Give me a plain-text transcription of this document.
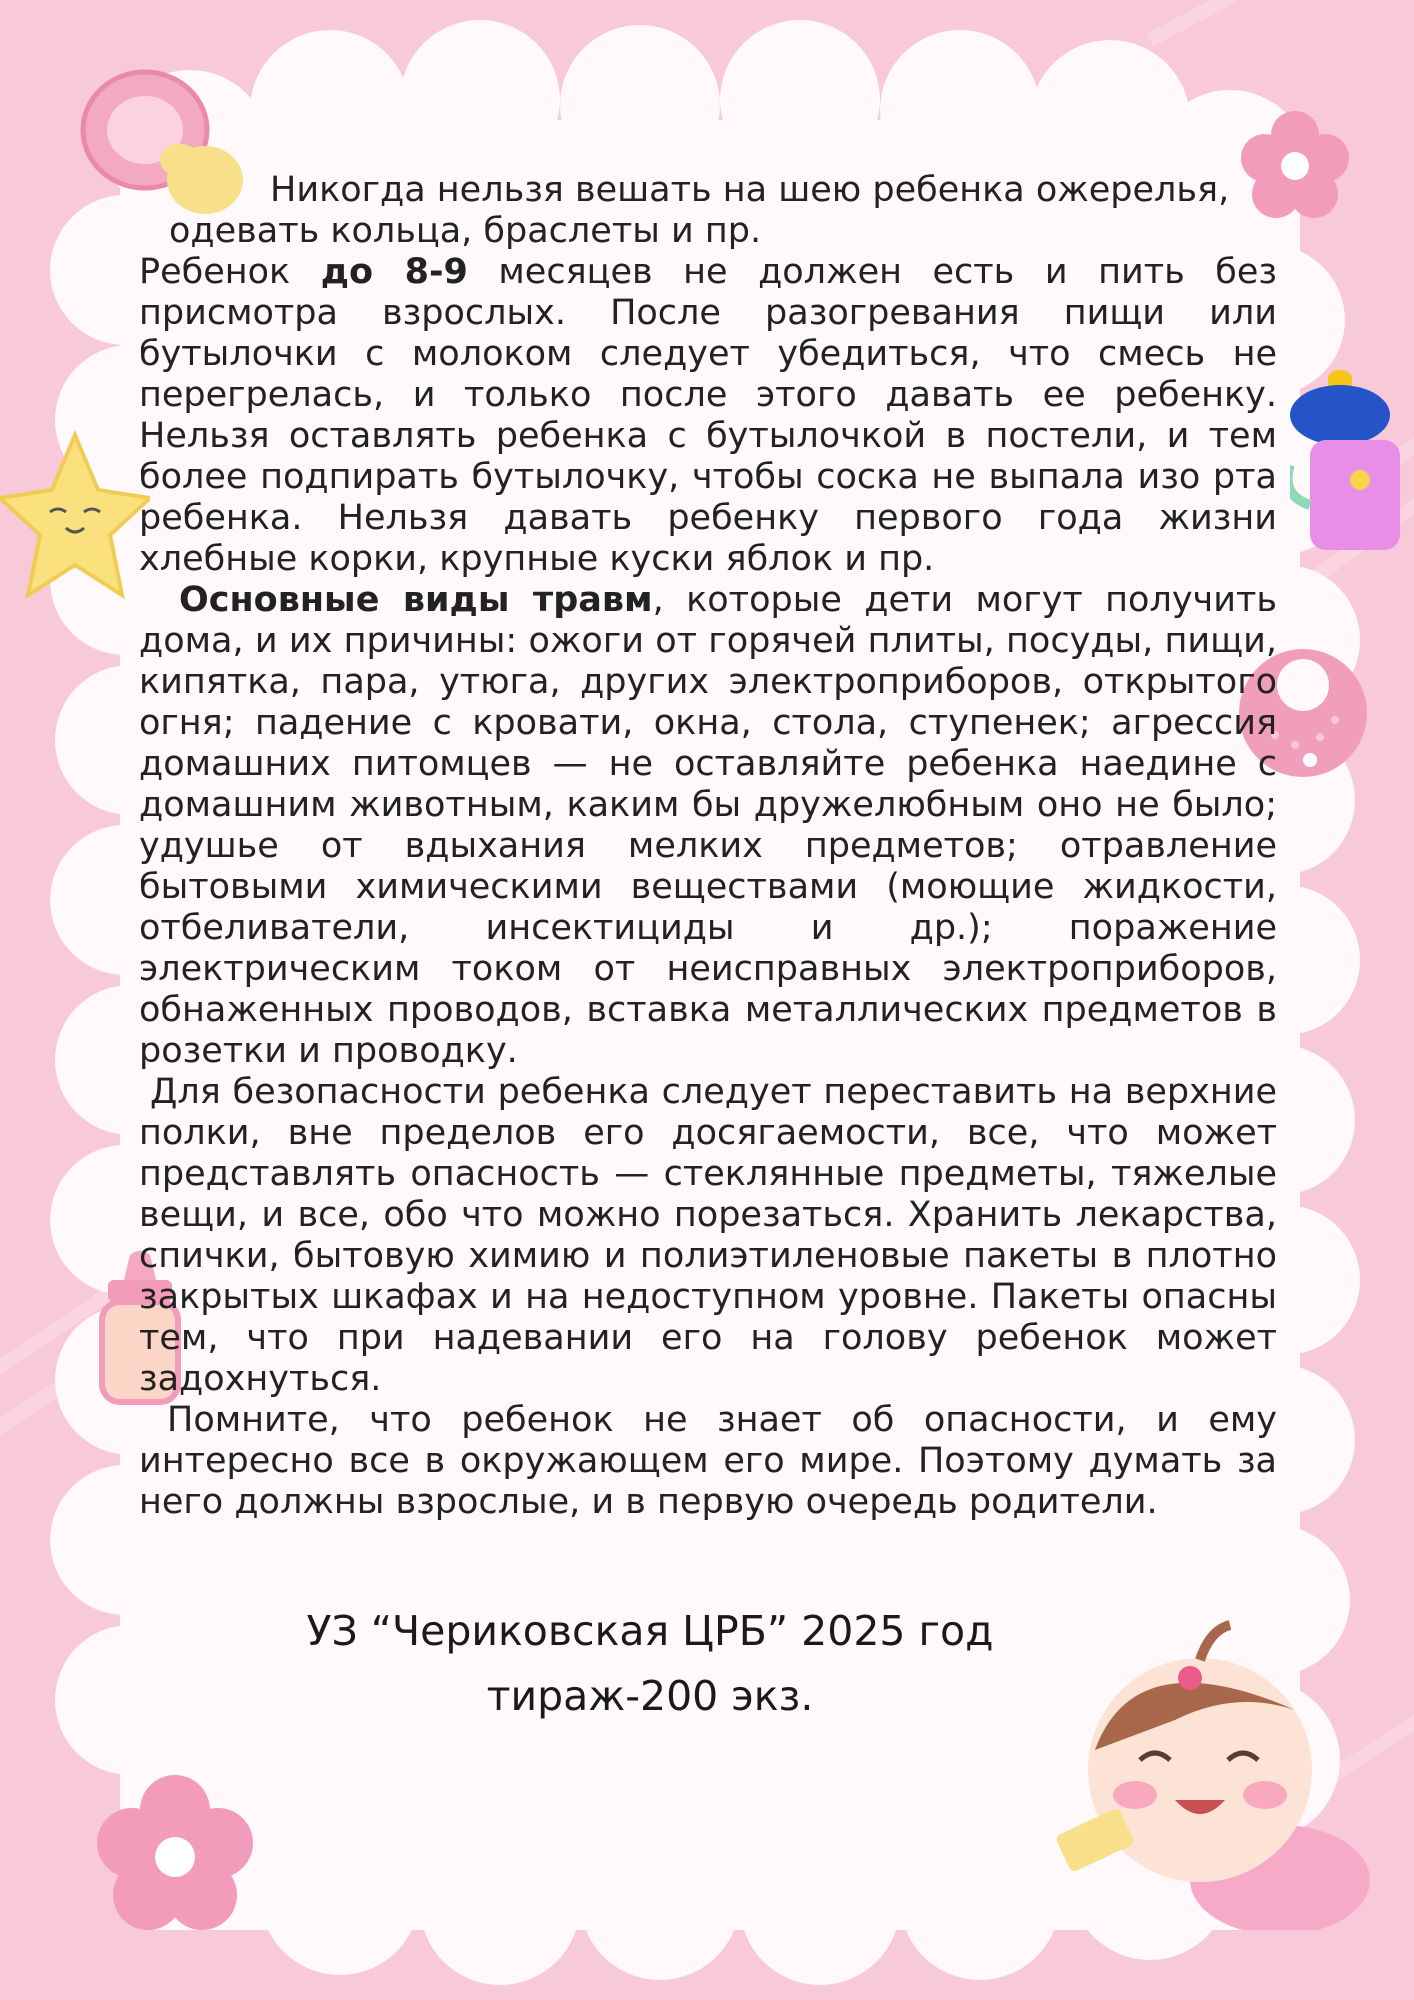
Никогда нельзя вешать на шею ребенка ожерелья,

одевать кольца, браслеты и пр.

Ребенок до 8-9 месяцев не должен есть и пить без присмотра взрослых. После разогревания пищи или бутылочки с молоком следует убедиться, что смесь не перегрелась, и только после этого давать ее ребенку. Нельзя оставлять ребенка с бутылочкой в постели, и тем более подпирать бутылочку, чтобы соска не выпала изо рта ребенка. Нельзя давать ребенку первого года жизни хлебные корки, крупные куски яблок и пр.

Основные виды травм, которые дети могут получить дома, и их причины: ожоги от горячей плиты, посуды, пищи, кипятка, пара, утюга, других электроприборов, открытого огня; падение с кровати, окна, стола, ступенек; агрессия домашних питомцев — не оставляйте ребенка наедине с домашним животным, каким бы дружелюбным оно не было; удушье от вдыхания мелких предметов; отравление бытовыми химическими веществами (моющие жидкости, отбеливатели, инсектициды и др.); поражение электрическим током от неисправных электроприборов, обнаженных проводов, вставка металлических предметов в розетки и проводку.

Для безопасности ребенка следует переставить на верхние полки, вне пределов его досягаемости, все, что может представлять опасность — стеклянные предметы, тяжелые вещи, и все, обо что можно порезаться. Хранить лекарства, спички, бытовую химию и полиэтиленовые пакеты в плотно закрытых шкафах и на недоступном уровне. Пакеты опасны тем, что при надевании его на голову ребенок может задохнуться.

Помните, что ребенок не знает об опасности, и ему интересно все в окружающем его мире. Поэтому думать за него должны взрослые, и в первую очередь родители.

УЗ “Чериковская ЦРБ” 2025 год
тираж-200 экз.
